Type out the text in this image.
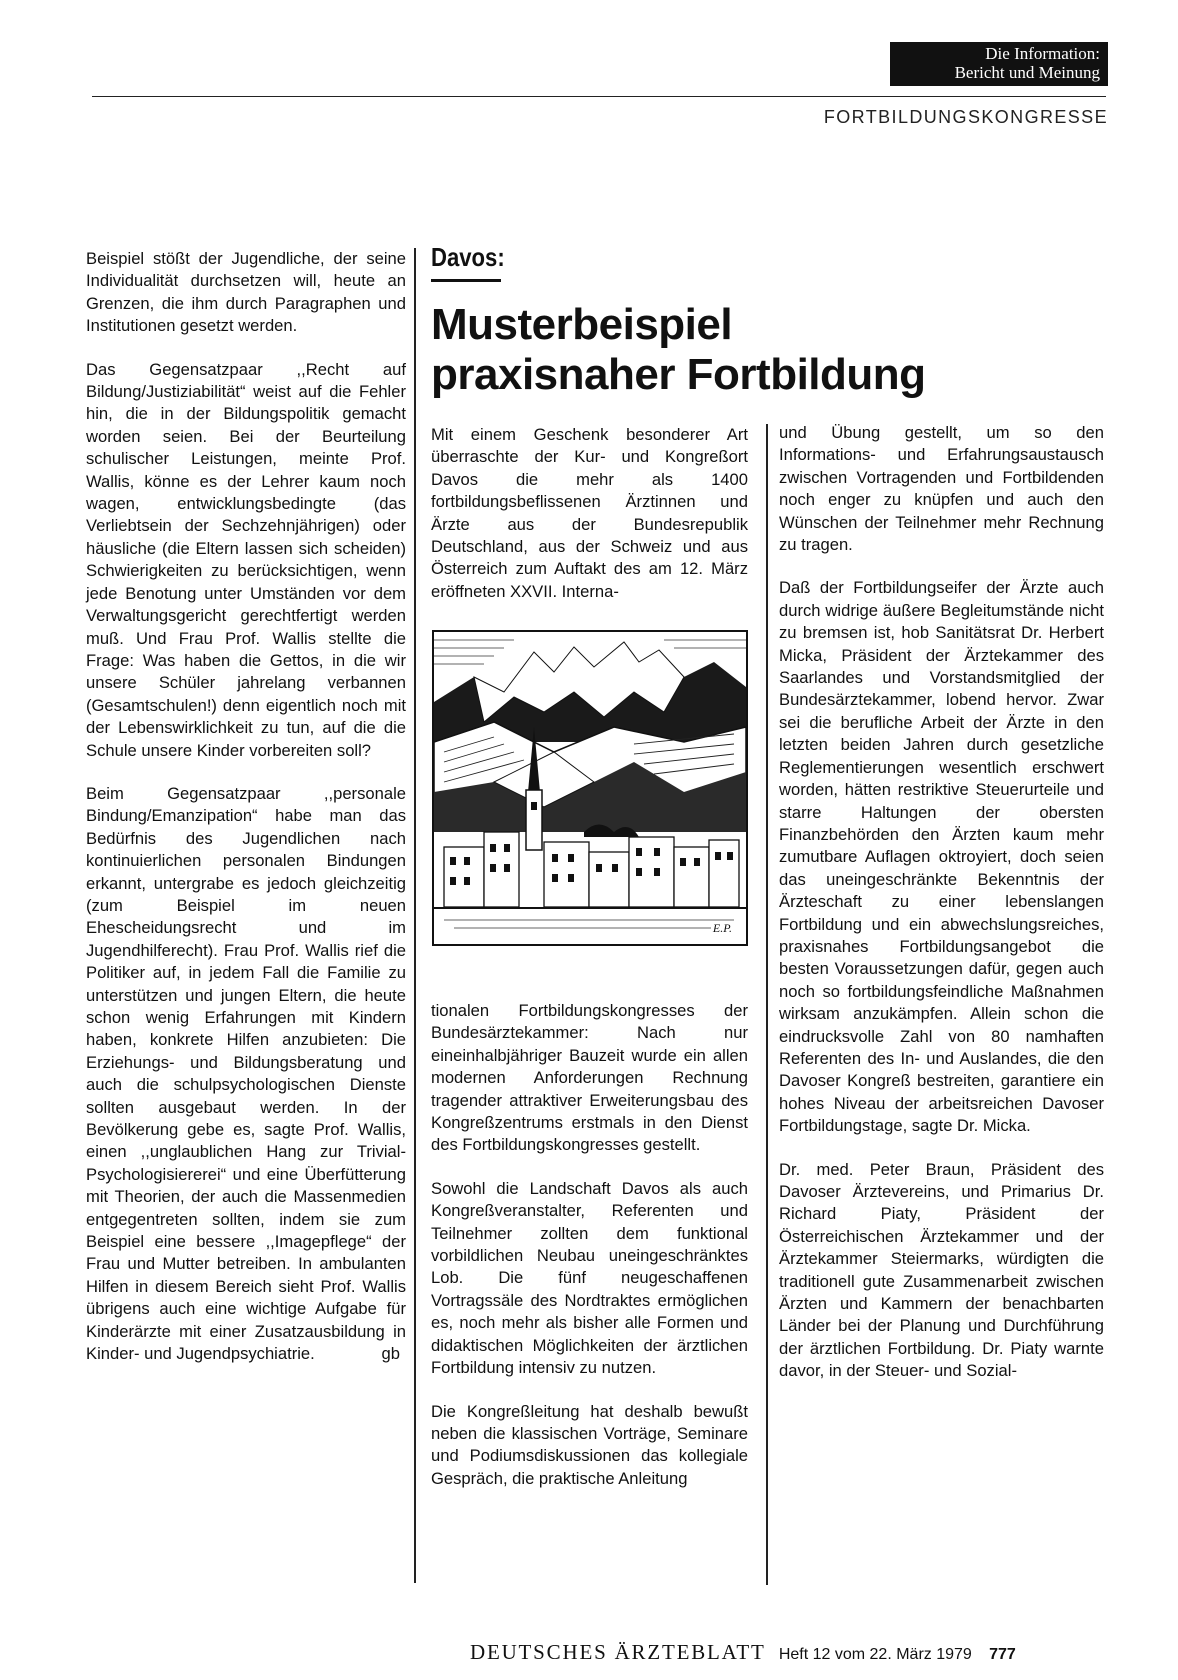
Die Information:
Bericht und Meinung
FORTBILDUNGSKONGRESSE

Beispiel stößt der Jugendliche, der seine Individualität durchsetzen will, heute an Grenzen, die ihm durch Paragraphen und Institutionen gesetzt werden.

Das Gegensatzpaar ,,Recht auf Bildung/Justiziabilität“ weist auf die Fehler hin, die in der Bildungspolitik gemacht worden seien. Bei der Beurteilung schulischer Leistungen, meinte Prof. Wallis, könne es der Lehrer kaum noch wagen, entwicklungsbedingte (das Verliebtsein der Sechzehnjährigen) oder häusliche (die Eltern lassen sich scheiden) Schwierigkeiten zu berücksichtigen, wenn jede Benotung unter Umständen vor dem Verwaltungsgericht gerechtfertigt werden muß. Und Frau Prof. Wallis stellte die Frage: Was haben die Gettos, in die wir unsere Schüler jahrelang verbannen (Gesamtschulen!) denn eigentlich noch mit der Lebenswirklichkeit zu tun, auf die die Schule unsere Kinder vorbereiten soll?

Beim Gegensatzpaar ,,personale Bindung/Emanzipation“ habe man das Bedürfnis des Jugendlichen nach kontinuierlichen personalen Bindungen erkannt, untergrabe es jedoch gleichzeitig (zum Beispiel im neuen Ehescheidungsrecht und im Jugendhilferecht). Frau Prof. Wallis rief die Politiker auf, in jedem Fall die Familie zu unterstützen und jungen Eltern, die heute schon wenig Erfahrungen mit Kindern haben, konkrete Hilfen anzubieten: Die Erziehungs- und Bildungsberatung und auch die schulpsychologischen Dienste sollten ausgebaut werden. In der Bevölkerung gebe es, sagte Prof. Wallis, einen ,,unglaublichen Hang zur Trivial-Psychologisiererei“ und eine Überfütterung mit Theorien, der auch die Massenmedien entgegentreten sollten, indem sie zum Beispiel eine bessere ,,Imagepflege“ der Frau und Mutter betreiben. In ambulanten Hilfen in diesem Bereich sieht Prof. Wallis übrigens auch eine wichtige Aufgabe für Kinderärzte mit einer Zusatzausbildung in Kinder- und Jugendpsychiatrie.	gb

Davos:
Musterbeispiel
praxisnaher Fortbildung

Mit einem Geschenk besonderer Art überraschte der Kur- und Kongreßort Davos die mehr als 1400 fortbildungsbeflissenen Ärztinnen und Ärzte aus der Bundesrepublik Deutschland, aus der Schweiz und aus Österreich zum Auftakt des am 12. März eröffneten XXVII. Interna-

E.P.

tionalen Fortbildungskongresses der Bundesärztekammer: Nach nur eineinhalbjähriger Bauzeit wurde ein allen modernen Anforderungen Rechnung tragender attraktiver Erweiterungsbau des Kongreßzentrums erstmals in den Dienst des Fortbildungskongresses gestellt.

Sowohl die Landschaft Davos als auch Kongreßveranstalter, Referenten und Teilnehmer zollten dem funktional vorbildlichen Neubau uneingeschränktes Lob. Die fünf neugeschaffenen Vortragssäle des Nordtraktes ermöglichen es, noch mehr als bisher alle Formen und didaktischen Möglichkeiten der ärztlichen Fortbildung intensiv zu nutzen.

Die Kongreßleitung hat deshalb bewußt neben die klassischen Vorträge, Seminare und Podiumsdiskussionen das kollegiale Gespräch, die praktische Anleitung

und Übung gestellt, um so den Informations- und Erfahrungsaustausch zwischen Vortragenden und Fortbildenden noch enger zu knüpfen und auch den Wünschen der Teilnehmer mehr Rechnung zu tragen.

Daß der Fortbildungseifer der Ärzte auch durch widrige äußere Begleitumstände nicht zu bremsen ist, hob Sanitätsrat Dr. Herbert Micka, Präsident der Ärztekammer des Saarlandes und Vorstandsmitglied der Bundesärztekammer, lobend hervor. Zwar sei die berufliche Arbeit der Ärzte in den letzten beiden Jahren durch gesetzliche Reglementierungen wesentlich erschwert worden, hätten restriktive Steuerurteile und starre Haltungen der obersten Finanzbehörden den Ärzten kaum mehr zumutbare Auflagen oktroyiert, doch seien das uneingeschränkte Bekenntnis der Ärzteschaft zu einer lebenslangen Fortbildung und ein abwechslungsreiches, praxisnahes Fortbildungsangebot die besten Voraussetzungen dafür, gegen auch noch so fortbildungsfeindliche Maßnahmen wirksam anzukämpfen. Allein schon die eindrucksvolle Zahl von 80 namhaften Referenten des In- und Auslandes, die den Davoser Kongreß bestreiten, garantiere ein hohes Niveau der arbeitsreichen Davoser Fortbildungstage, sagte Dr. Micka.

Dr. med. Peter Braun, Präsident des Davoser Ärztevereins, und Primarius Dr. Richard Piaty, Präsident der Österreichischen Ärztekammer und der Ärztekammer Steiermarks, würdigten die traditionell gute Zusammenarbeit zwischen Ärzten und Kammern der benachbarten Länder bei der Planung und Durchführung der ärztlichen Fortbildung. Dr. Piaty warnte davor, in der Steuer- und Sozial-

DEUTSCHES ÄRZTEBLATT Heft 12 vom 22. März 1979 777
